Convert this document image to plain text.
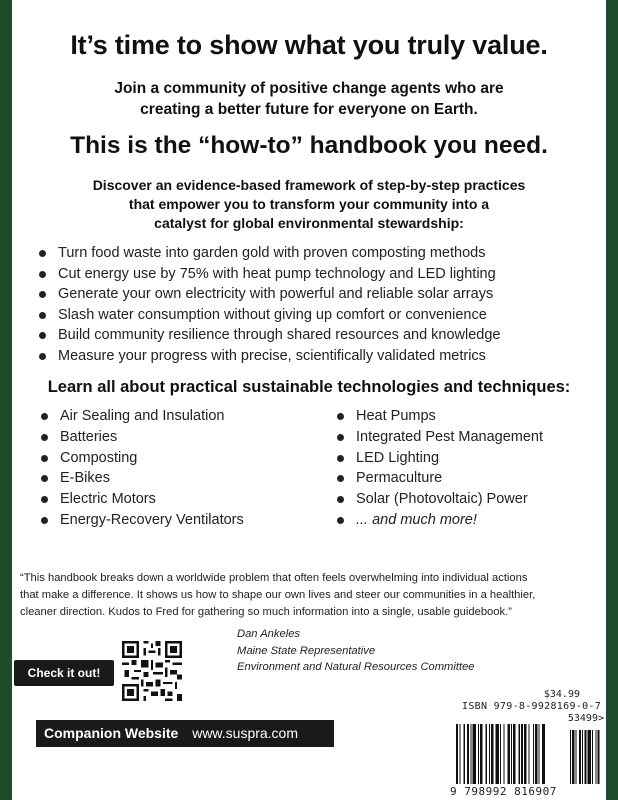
It’s time to show what you truly value.
Join a community of positive change agents who are
creating a better future for everyone on Earth.
This is the “how-to” handbook you need.
Discover an evidence-based framework of step-by-step practices
that empower you to transform your community into a
catalyst for global environmental stewardship:
Turn food waste into garden gold with proven composting methods
Cut energy use by 75% with heat pump technology and LED lighting
Generate your own electricity with powerful and reliable solar arrays
Slash water consumption without giving up comfort or convenience
Build community resilience through shared resources and knowledge
Measure your progress with precise, scientifically validated metrics
Learn all about practical sustainable technologies and techniques:
Air Sealing and Insulation
Batteries
Composting
E-Bikes
Electric Motors
Energy-Recovery Ventilators
Heat Pumps
Integrated Pest Management
LED Lighting
Permaculture
Solar (Photovoltaic) Power
... and much more!
“This handbook breaks down a worldwide problem that often feels overwhelming into individual actions
that make a difference. It shows us how to shape our own lives and steer our communities in a healthier,
cleaner direction. Kudos to Fred for gathering so much information into a single, usable guidebook.”
Dan Ankeles
Maine State Representative
Environment and Natural Resources Committee
Check it out!
Companion Website www.suspra.com
$34.99
ISBN 979-8-9928169-0-7
53499>
9 798992 816907
